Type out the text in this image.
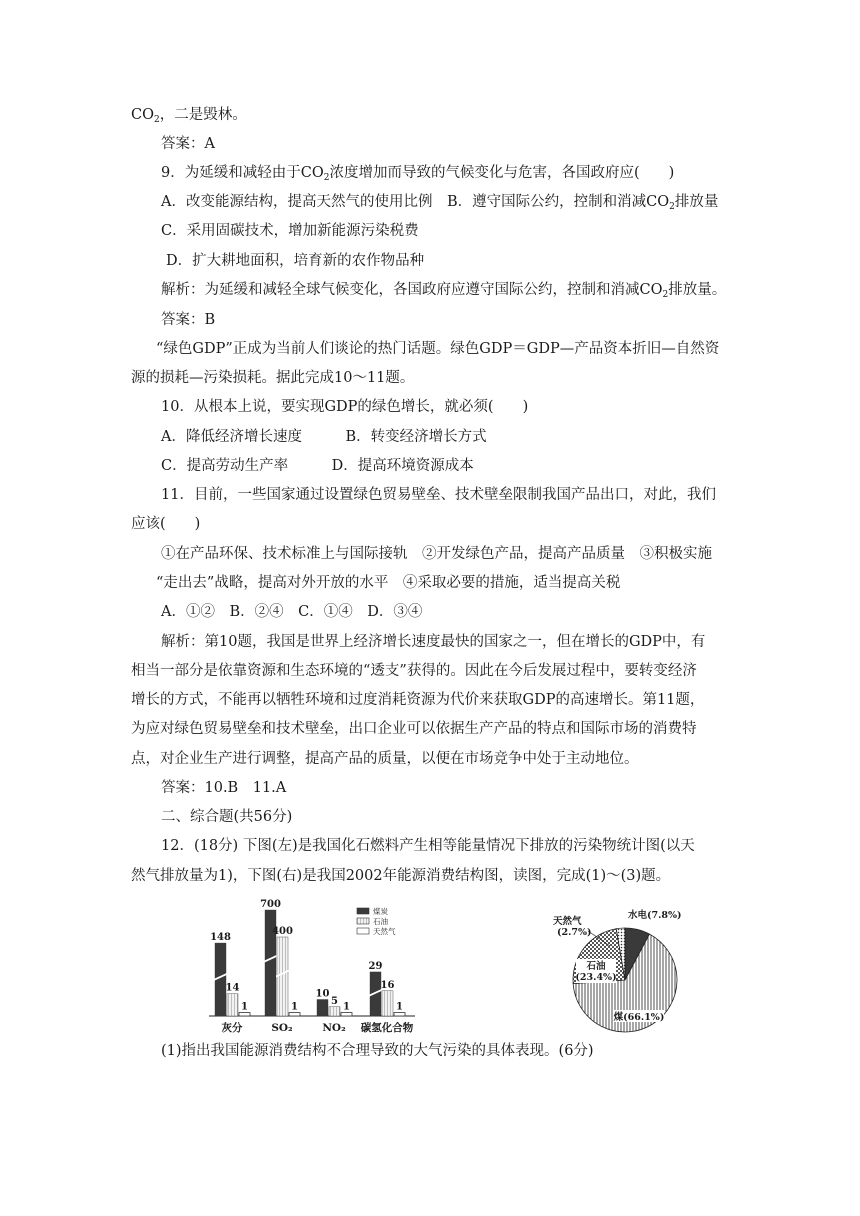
$CO_2$，二是毁林。
答案：A
9．为延缓和减轻由于$CO_2$浓度增加而导致的气候变化与危害，各国政府应(　　)
A．改变能源结构，提高天然气的使用比例　B．遵守国际公约，控制和消减$CO_2$排放量
C．采用固碳技术，增加新能源污染税费
D．扩大耕地面积，培育新的农作物品种
解析：为延缓和减轻全球气候变化，各国政府应遵守国际公约，控制和消减$CO_2$排放量。
答案：B
“绿色GDP”正成为当前人们谈论的热门话题。绿色GDP＝GDP—产品资本折旧—自然资
源的损耗—污染损耗。据此完成10～11题。
10．从根本上说，要实现GDP的绿色增长，就必须(　　)
A．降低经济增长速度　　　B．转变经济增长方式
C．提高劳动生产率　　　D．提高环境资源成本
11．目前，一些国家通过设置绿色贸易壁垒、技术壁垒限制我国产品出口，对此，我们
应该(　　)
①在产品环保、技术标准上与国际接轨　②开发绿色产品，提高产品质量　③积极实施
“走出去”战略，提高对外开放的水平　④采取必要的措施，适当提高关税
A．①②　B．②④　C．①④　D．③④
解析：第10题，我国是世界上经济增长速度最快的国家之一，但在增长的GDP中，有
相当一部分是依靠资源和生态环境的“透支”获得的。因此在今后发展过程中，要转变经济
增长的方式，不能再以牺牲环境和过度消耗资源为代价来获取GDP的高速增长。第11题，
为应对绿色贸易壁垒和技术壁垒，出口企业可以依据生产产品的特点和国际市场的消费特
点，对企业生产进行调整，提高产品的质量，以便在市场竞争中处于主动地位。
答案：10.B　11.A
二、综合题(共56分)
12．(18分) 下图(左)是我国化石燃料产生相等能量情况下排放的污染物统计图(以天
然气排放量为1)，下图(右)是我国2002年能源消费结构图，读图，完成(1)～(3)题。
148
14
1
灰分
700
400
1
SO₂
10
5
1
NO₂
29
16
1
碳氢化合物
煤炭
石油
天然气
水电(7.8%)
天然气
(2.7%)
石油
(23.4%)
煤(66.1%)
(1)指出我国能源消费结构不合理导致的大气污染的具体表现。(6分)
